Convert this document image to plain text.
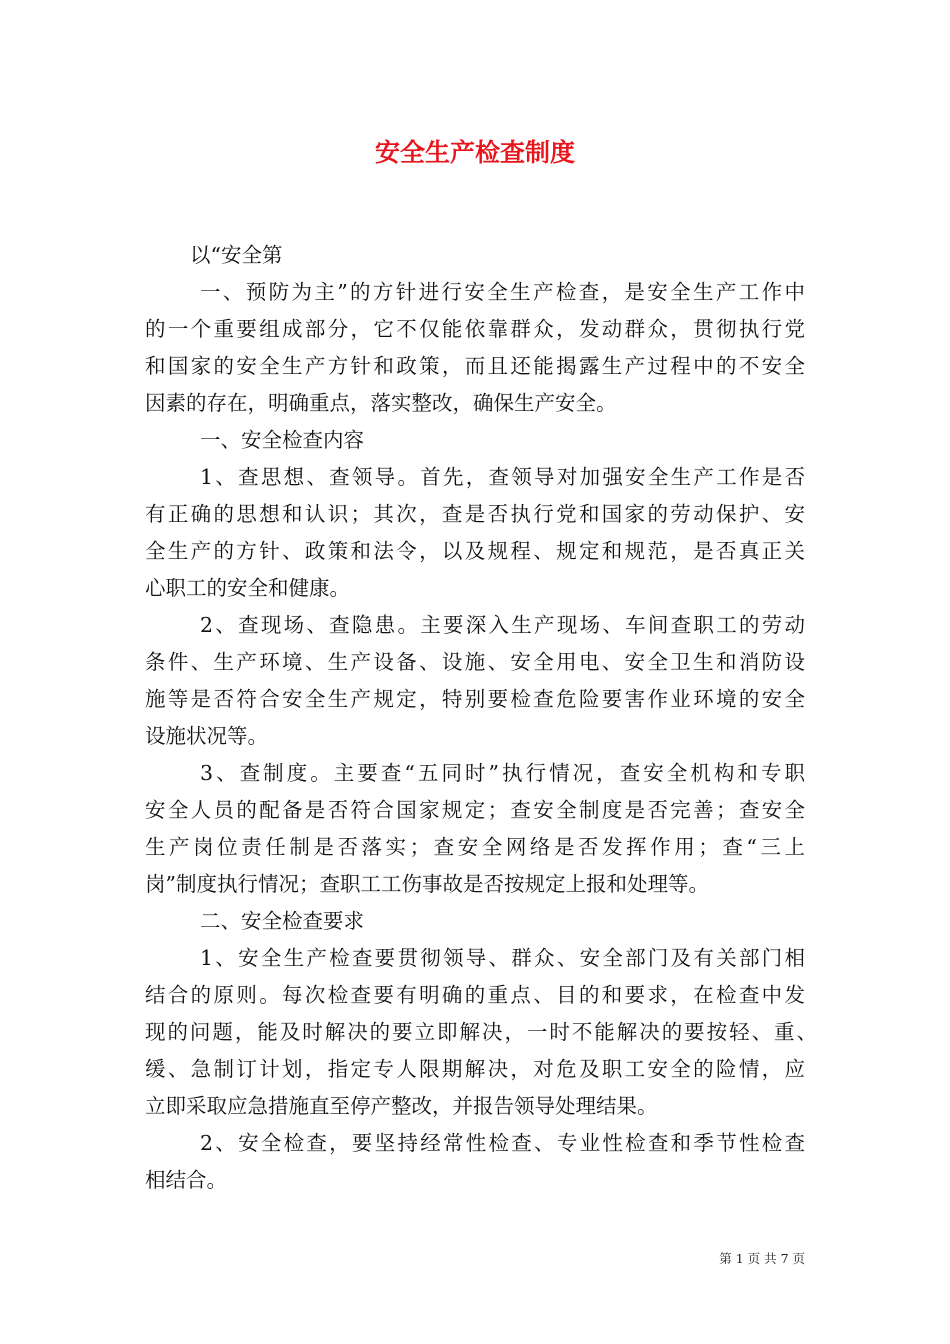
安全生产检查制度
以“安全第
一、预防为主”的方针进行安全生产检查，是安全生产工作中
的一个重要组成部分，它不仅能依靠群众，发动群众，贯彻执行党
和国家的安全生产方针和政策，而且还能揭露生产过程中的不安全
因素的存在，明确重点，落实整改，确保生产安全。
一、安全检查内容
1、查思想、查领导。首先，查领导对加强安全生产工作是否
有正确的思想和认识；其次，查是否执行党和国家的劳动保护、安
全生产的方针、政策和法令，以及规程、规定和规范，是否真正关
心职工的安全和健康。
2、查现场、查隐患。主要深入生产现场、车间查职工的劳动
条件、生产环境、生产设备、设施、安全用电、安全卫生和消防设
施等是否符合安全生产规定，特别要检查危险要害作业环境的安全
设施状况等。
3、查制度。主要查“五同时”执行情况，查安全机构和专职
安全人员的配备是否符合国家规定；查安全制度是否完善；查安全
生产岗位责任制是否落实；查安全网络是否发挥作用；查“三上
岗”制度执行情况；查职工工伤事故是否按规定上报和处理等。
二、安全检查要求
1、安全生产检查要贯彻领导、群众、安全部门及有关部门相
结合的原则。每次检查要有明确的重点、目的和要求，在检查中发
现的问题，能及时解决的要立即解决，一时不能解决的要按轻、重、
缓、急制订计划，指定专人限期解决，对危及职工安全的险情，应
立即采取应急措施直至停产整改，并报告领导处理结果。
2、安全检查，要坚持经常性检查、专业性检查和季节性检查
相结合。
第 1 页 共 7 页
